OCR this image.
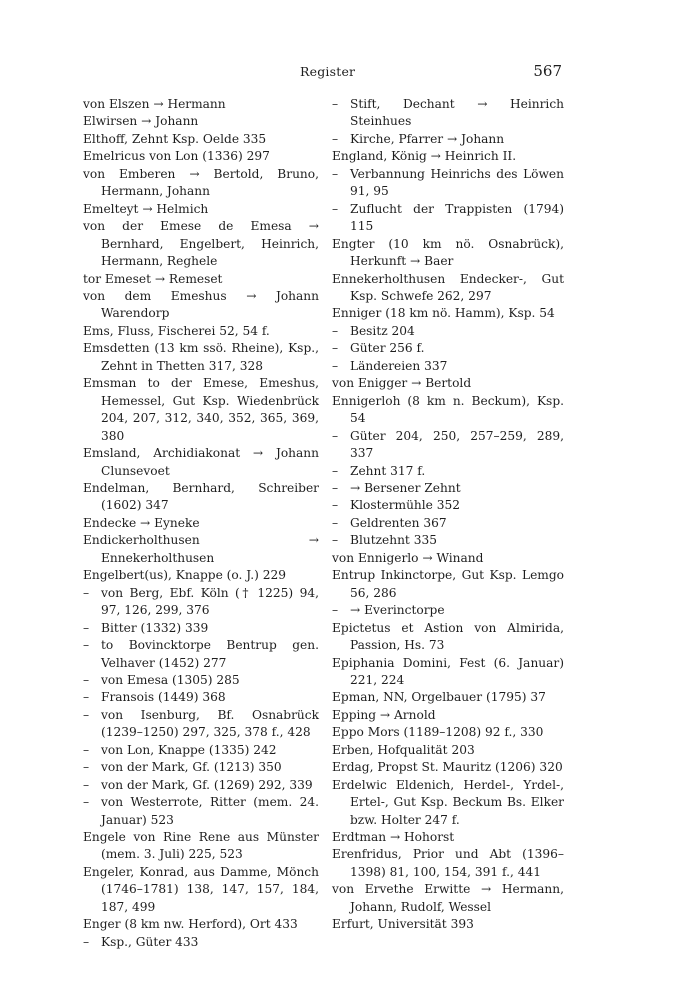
Register	567
von Elszen → Hermann
Elwirsen → Johann
Elthoff, Zehnt Ksp. Oelde 335
Emelricus von Lon (1336) 297
von Emberen → Bertold, Bruno, Hermann, Johann
Emelteyt → Helmich
von der Emese de Emesa → Bernhard, Engelbert, Heinrich, Hermann, Reghele
tor Emeset → Remeset
von dem Emeshus → Johann Warendorp
Ems, Fluss, Fischerei 52, 54 f.
Emsdetten (13 km ssö. Rheine), Ksp., Zehnt in Thetten 317, 328
Emsman to der Emese, Emeshus, Hemessel, Gut Ksp. Wiedenbrück 204, 207, 312, 340, 352, 365, 369, 380
Emsland, Archidiakonat → Johann Clunsevoet
Endelman, Bernhard, Schreiber (1602) 347
Endecke → Eyneke
Endickerholthusen → Ennekerholthusen
Engelbert(us), Knappe (o. J.) 229
– von Berg, Ebf. Köln († 1225) 94, 97, 126, 299, 376
– Bitter (1332) 339
– to Bovincktorpe Bentrup gen. Velhaver (1452) 277
– von Emesa (1305) 285
– Fransois (1449) 368
– von Isenburg, Bf. Osnabrück (1239–1250) 297, 325, 378 f., 428
– von Lon, Knappe (1335) 242
– von der Mark, Gf. (1213) 350
– von der Mark, Gf. (1269) 292, 339
– von Westerrote, Ritter (mem. 24. Januar) 523
Engele von Rine Rene aus Münster (mem. 3. Juli) 225, 523
Engeler, Konrad, aus Damme, Mönch (1746–1781) 138, 147, 157, 184, 187, 499
Enger (8 km nw. Herford), Ort 433
– Ksp., Güter 433
– Stift, Dechant → Heinrich Steinhues
– Kirche, Pfarrer → Johann
England, König → Heinrich II.
– Verbannung Heinrichs des Löwen 91, 95
– Zuflucht der Trappisten (1794) 115
Engter (10 km nö. Osnabrück), Herkunft → Baer
Ennekerholthusen Endecker-, Gut Ksp. Schwefe 262, 297
Enniger (18 km nö. Hamm), Ksp. 54
– Besitz 204
– Güter 256 f.
– Ländereien 337
von Enigger → Bertold
Ennigerloh (8 km n. Beckum), Ksp. 54
– Güter 204, 250, 257–259, 289, 337
– Zehnt 317 f.
– → Bersener Zehnt
– Klostermühle 352
– Geldrenten 367
– Blutzehnt 335
von Ennigerlo → Winand
Entrup Inkinctorpe, Gut Ksp. Lemgo 56, 286
– → Everinctorpe
Epictetus et Astion von Almirida, Passion, Hs. 73
Epiphania Domini, Fest (6. Januar) 221, 224
Epman, NN, Orgelbauer (1795) 37
Epping → Arnold
Eppo Mors (1189–1208) 92 f., 330
Erben, Hofqualität 203
Erdag, Propst St. Mauritz (1206) 320
Erdelwic Eldenich, Herdel-, Yrdel-, Ertel-, Gut Ksp. Beckum Bs. Elker bzw. Holter 247 f.
Erdtman → Hohorst
Erenfridus, Prior und Abt (1396–1398) 81, 100, 154, 391 f., 441
von Ervethe Erwitte → Hermann, Johann, Rudolf, Wessel
Erfurt, Universität 393
